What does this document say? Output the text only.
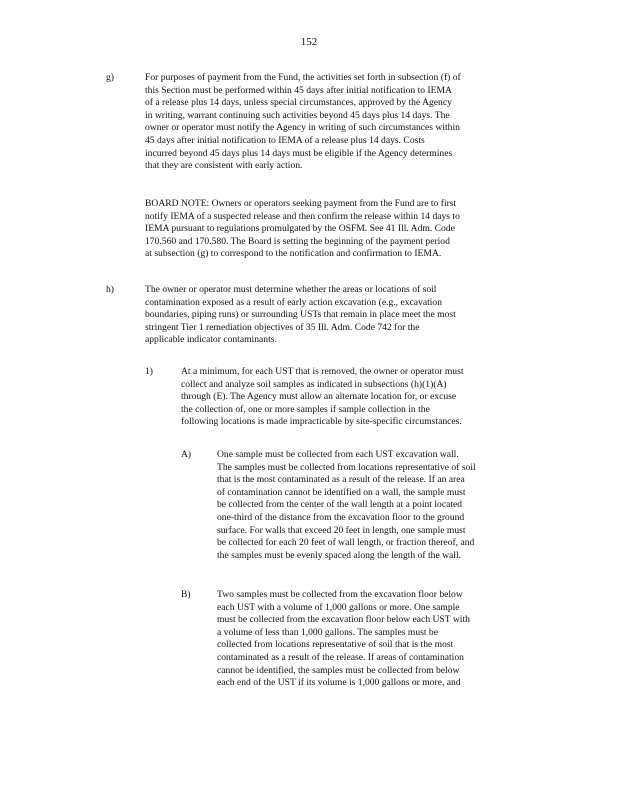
152
g)	For purposes of payment from the Fund, the activities set forth in subsection (f) of
this Section must be performed within 45 days after initial notification to IEMA
of a release plus 14 days, unless special circumstances, approved by the Agency
in writing, warrant continuing such activities beyond 45 days plus 14 days. The
owner or operator must notify the Agency in writing of such circumstances within
45 days after initial notification to IEMA of a release plus 14 days. Costs
incurred beyond 45 days plus 14 days must be eligible if the Agency determines
that they are consistent with early action.
BOARD NOTE: Owners or operators seeking payment from the Fund are to first
notify IEMA of a suspected release and then confirm the release within 14 days to
IEMA pursuant to regulations promulgated by the OSFM. See 41 Ill. Adm. Code
170.560 and 170.580. The Board is setting the beginning of the payment period
at subsection (g) to correspond to the notification and confirmation to IEMA.
h)	The owner or operator must determine whether the areas or locations of soil
contamination exposed as a result of early action excavation (e.g., excavation
boundaries, piping runs) or surrounding USTs that remain in place meet the most
stringent Tier 1 remediation objectives of 35 Ill. Adm. Code 742 for the
applicable indicator contaminants.
1)	At a minimum, for each UST that is removed, the owner or operator must
collect and analyze soil samples as indicated in subsections (h)(1)(A)
through (E). The Agency must allow an alternate location for, or excuse
the collection of, one or more samples if sample collection in the
following locations is made impracticable by site-specific circumstances.
A)	One sample must be collected from each UST excavation wall.
The samples must be collected from locations representative of soil
that is the most contaminated as a result of the release. If an area
of contamination cannot be identified on a wall, the sample must
be collected from the center of the wall length at a point located
one-third of the distance from the excavation floor to the ground
surface. For walls that exceed 20 feet in length, one sample must
be collected for each 20 feet of wall length, or fraction thereof, and
the samples must be evenly spaced along the length of the wall.
B)	Two samples must be collected from the excavation floor below
each UST with a volume of 1,000 gallons or more. One sample
must be collected from the excavation floor below each UST with
a volume of less than 1,000 gallons. The samples must be
collected from locations representative of soil that is the most
contaminated as a result of the release. If areas of contamination
cannot be identified, the samples must be collected from below
each end of the UST if its volume is 1,000 gallons or more, and
